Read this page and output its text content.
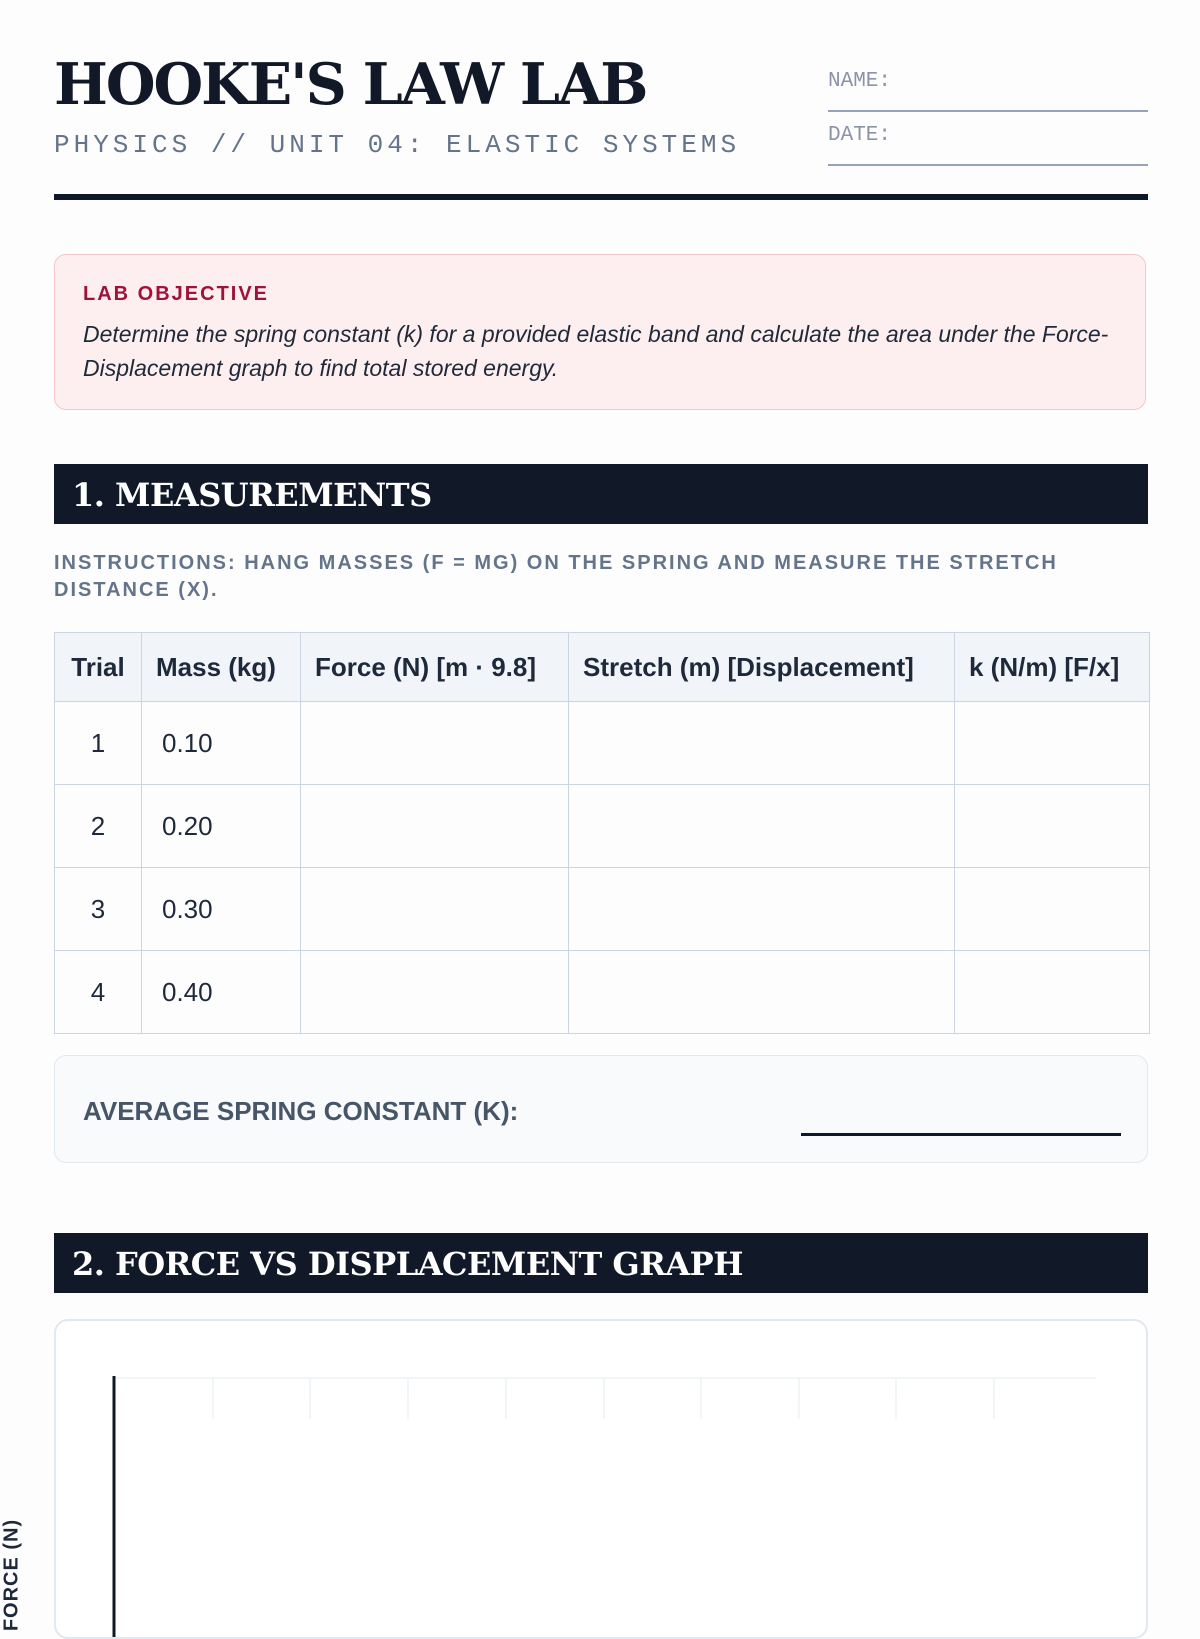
HOOKE'S LAW LAB
PHYSICS // UNIT 04: ELASTIC SYSTEMS
NAME:
DATE:
LAB OBJECTIVE
Determine the spring constant (k) for a provided elastic band and calculate the area under the Force-Displacement graph to find total stored energy.
1. MEASUREMENTS
INSTRUCTIONS: HANG MASSES (F = MG) ON THE SPRING AND MEASURE THE STRETCH DISTANCE (X).
Trial	Mass (kg)	Force (N) [m · 9.8]	Stretch (m) [Displacement]	k (N/m) [F/x]
1	0.10			
2	0.20			
3	0.30			
4	0.40			
AVERAGE SPRING CONSTANT (K):
2. FORCE VS DISPLACEMENT GRAPH
FORCE (N)
